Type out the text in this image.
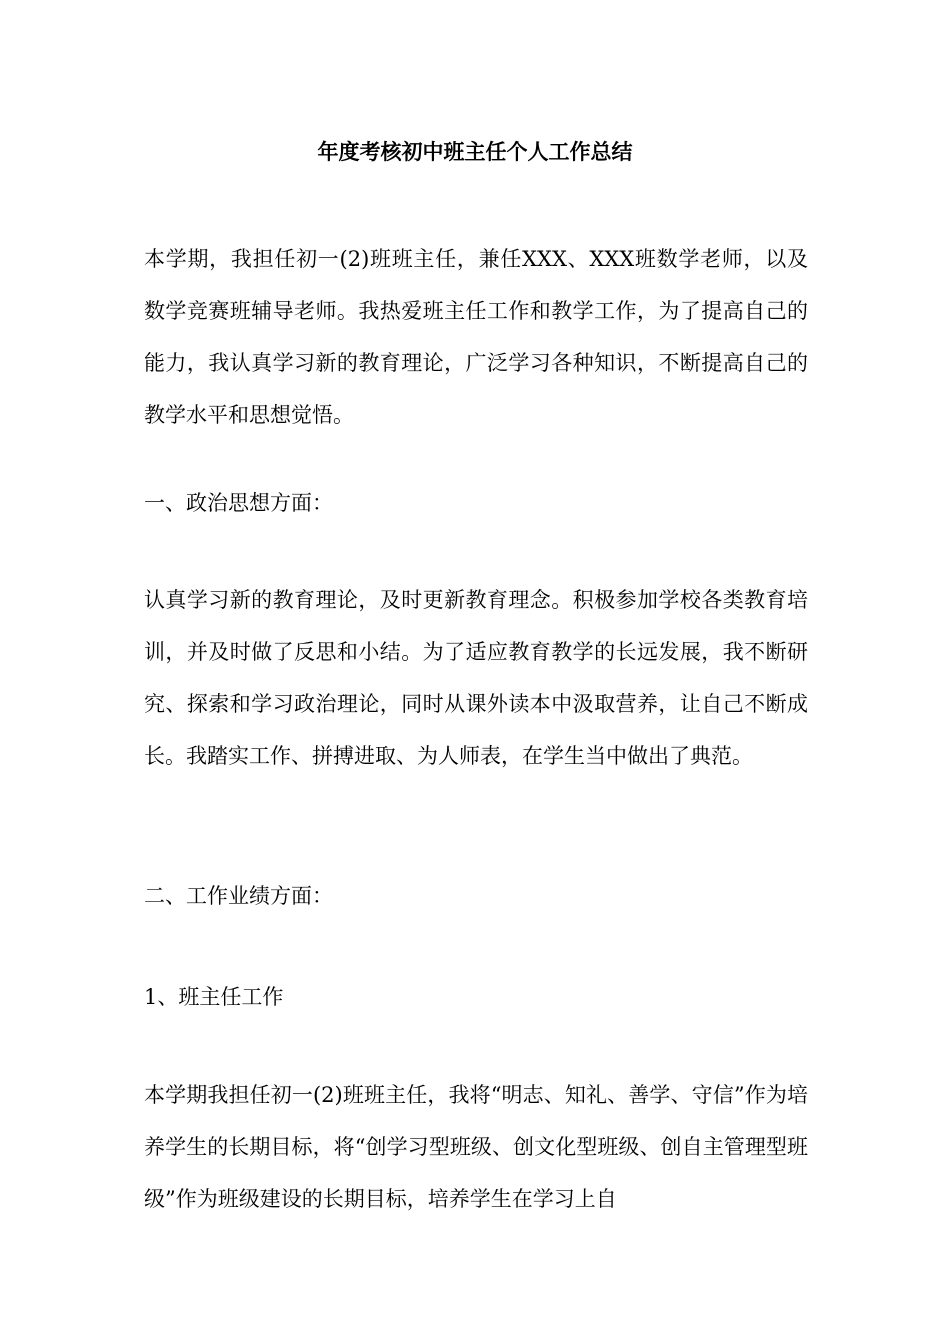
年度考核初中班主任个人工作总结

本学期，我担任初一(2)班班主任，兼任XXX、XXX班数学老师，以及数学竞赛班辅导老师。我热爱班主任工作和教学工作，为了提高自己的能力，我认真学习新的教育理论，广泛学习各种知识，不断提高自己的教学水平和思想觉悟。

一、政治思想方面：

认真学习新的教育理论，及时更新教育理念。积极参加学校各类教育培训，并及时做了反思和小结。为了适应教育教学的长远发展，我不断研究、探索和学习政治理论，同时从课外读本中汲取营养，让自己不断成长。我踏实工作、拼搏进取、为人师表，在学生当中做出了典范。

二、工作业绩方面：

1、班主任工作

本学期我担任初一(2)班班主任，我将“明志、知礼、善学、守信”作为培养学生的长期目标，将“创学习型班级、创文化型班级、创自主管理型班级”作为班级建设的长期目标，培养学生在学习上自
